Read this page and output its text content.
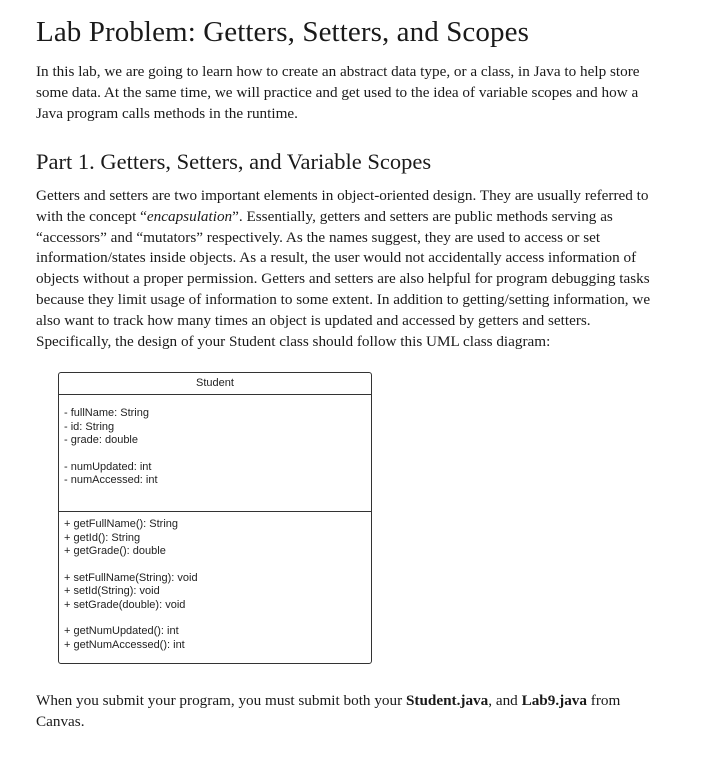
Lab Problem: Getters, Setters, and Scopes

In this lab, we are going to learn how to create an abstract data type, or a class, in Java to help store
some data. At the same time, we will practice and get used to the idea of variable scopes and how a
Java program calls methods in the runtime.

Part 1. Getters, Setters, and Variable Scopes

Getters and setters are two important elements in object-oriented design. They are usually referred to
with the concept “encapsulation”. Essentially, getters and setters are public methods serving as
“accessors” and “mutators” respectively. As the names suggest, they are used to access or set
information/states inside objects. As a result, the user would not accidentally access information of
objects without a proper permission. Getters and setters are also helpful for program debugging tasks
because they limit usage of information to some extent. In addition to getting/setting information, we
also want to track how many times an object is updated and accessed by getters and setters.
Specifically, the design of your Student class should follow this UML class diagram:

When you submit your program, you must submit both your Student.java, and Lab9.java from
Canvas.

Student
- fullName: String
- id: String
- grade: double
- numUpdated: int
- numAccessed: int
+ getFullName(): String
+ getId(): String
+ getGrade(): double
+ setFullName(String): void
+ setId(String): void
+ setGrade(double): void
+ getNumUpdated(): int
+ getNumAccessed(): int
